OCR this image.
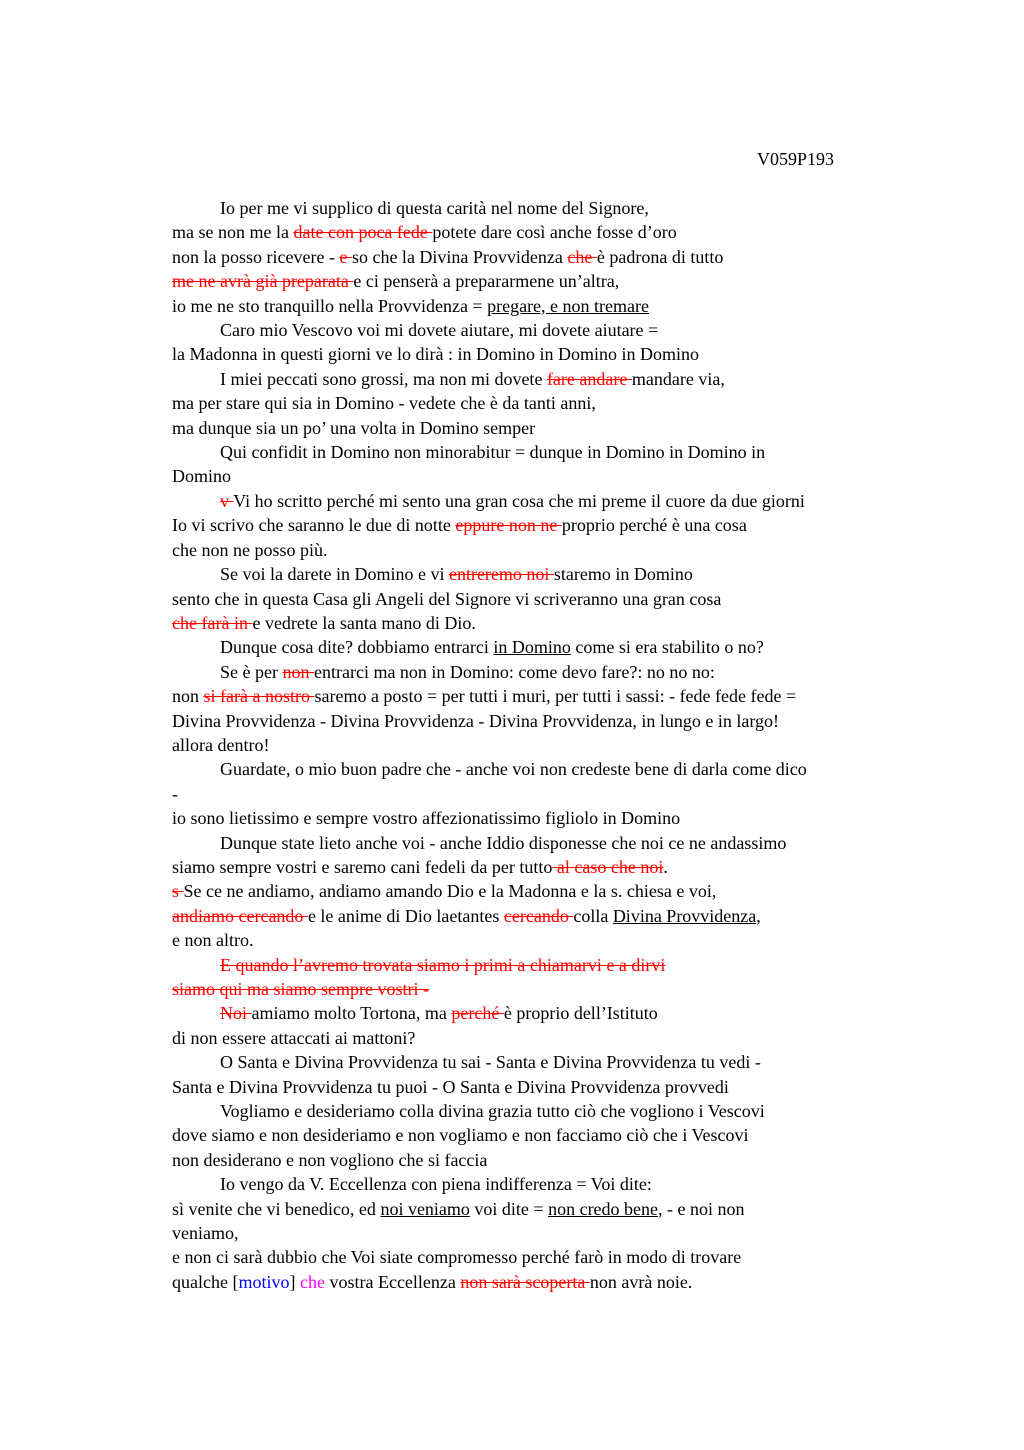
V059P193
Io per me vi supplico di questa carità nel nome del Signore,
ma se non me la date con poca fede potete dare così anche fosse d’oro
non la posso ricevere - e so che la Divina Provvidenza che è padrona di tutto
me ne avrà già preparata e ci penserà a prepararmene un’altra,
io me ne sto tranquillo nella Provvidenza = pregare, e non tremare
Caro mio Vescovo voi mi dovete aiutare, mi dovete aiutare =
la Madonna in questi giorni ve lo dirà : in Domino in Domino in Domino
I miei peccati sono grossi, ma non mi dovete fare andare mandare via,
ma per stare qui sia in Domino - vedete che è da tanti anni,
ma dunque sia un po’ una volta in Domino semper
Qui confidit in Domino non minorabitur = dunque in Domino in Domino in
Domino
v Vi ho scritto perché mi sento una gran cosa che mi preme il cuore da due giorni
Io vi scrivo che saranno le due di notte eppure non ne proprio perché è una cosa
che non ne posso più.
Se voi la darete in Domino e vi entreremo noi staremo in Domino
sento che in questa Casa gli Angeli del Signore vi scriveranno una gran cosa
che farà in e vedrete la santa mano di Dio.
Dunque cosa dite? dobbiamo entrarci in Domino come si era stabilito o no?
Se è per non entrarci ma non in Domino: come devo fare?: no no no:
non si farà a nostro saremo a posto = per tutti i muri, per tutti i sassi: - fede fede fede =
Divina Provvidenza - Divina Provvidenza - Divina Provvidenza, in lungo e in largo!
allora dentro!
Guardate, o mio buon padre che - anche voi non credeste bene di darla come dico
-
io sono lietissimo e sempre vostro affezionatissimo figliolo in Domino
Dunque state lieto anche voi - anche Iddio disponesse che noi ce ne andassimo
siamo sempre vostri e saremo cani fedeli da per tutto al caso che noi.
s Se ce ne andiamo, andiamo amando Dio e la Madonna e la s. chiesa e voi,
andiamo cercando e le anime di Dio laetantes cercando colla Divina Provvidenza,
e non altro.
E quando l’avremo trovata siamo i primi a chiamarvi e a dirvi
siamo qui ma siamo sempre vostri -
Noi amiamo molto Tortona, ma perché è proprio dell’Istituto
di non essere attaccati ai mattoni?
O Santa e Divina Provvidenza tu sai - Santa e Divina Provvidenza tu vedi -
Santa e Divina Provvidenza tu puoi - O Santa e Divina Provvidenza provvedi
Vogliamo e desideriamo colla divina grazia tutto ciò che vogliono i Vescovi
dove siamo e non desideriamo e non vogliamo e non facciamo ciò che i Vescovi
non desiderano e non vogliono che si faccia
Io vengo da V. Eccellenza con piena indifferenza = Voi dite:
sì venite che vi benedico, ed noi veniamo voi dite = non credo bene, - e noi non
veniamo,
e non ci sarà dubbio che Voi siate compromesso perché farò in modo di trovare
qualche [motivo] che vostra Eccellenza non sarà scoperta non avrà noie.
